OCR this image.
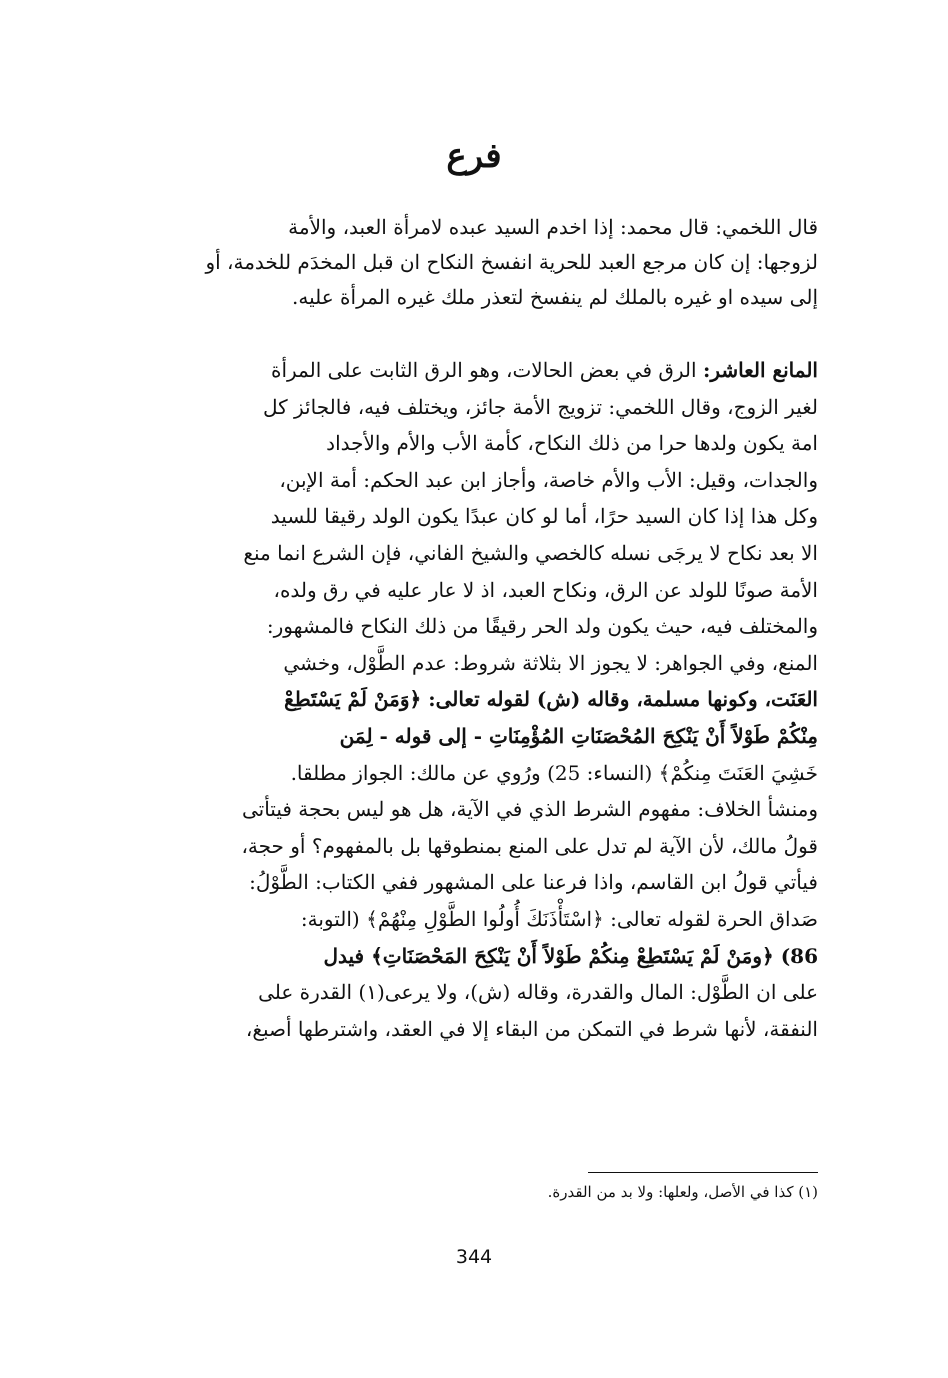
فرع
قال اللخمي: قال محمد: إذا اخدم السيد عبده لامرأة العبد، والأمة
لزوجها: إن كان مرجع العبد للحرية انفسخ النكاح ان قبل المخدَم للخدمة، أو
إلى سيده او غيره بالملك لم ينفسخ لتعذر ملك غيره المرأة عليه.
المانع العاشر: الرق في بعض الحالات، وهو الرق الثابت على المرأة
لغير الزوج، وقال اللخمي: تزويج الأمة جائز، ويختلف فيه، فالجائز كل
امة يكون ولدها حرا من ذلك النكاح، كأمة الأب والأم والأجداد
والجدات، وقيل: الأب والأم خاصة، وأجاز ابن عبد الحكم: أمة الإبن،
وكل هذا إذا كان السيد حرًا، أما لو كان عبدًا يكون الولد رقيقا للسيد
الا بعد نكاح لا يرجَى نسله كالخصي والشيخ الفاني، فإن الشرع انما منع
الأمة صونًا للولد عن الرق، ونكاح العبد، اذ لا عار عليه في رق ولده،
والمختلف فيه، حيث يكون ولد الحر رقيقًا من ذلك النكاح فالمشهور:
المنع، وفي الجواهر: لا يجوز الا بثلاثة شروط: عدم الطَّوْل، وخشي
العَنَت، وكونها مسلمة، وقاله (ش) لقوله تعالى: ﴿وَمَنْ لَمْ يَسْتَطِعْ
مِنْكُمْ طَوْلاً أَنْ يَنْكِحَ المُحْصَنَاتِ المُؤْمِنَاتِ - إلى قوله - لِمَن
خَشِيَ العَنَتَ مِنكُمْ﴾ (النساء: 25) ورُوي عن مالك: الجواز مطلقا.
ومنشأ الخلاف: مفهوم الشرط الذي في الآية، هل هو ليس بحجة فيتأتى
قولُ مالك، لأن الآية لم تدل على المنع بمنطوقها بل بالمفهوم؟ أو حجة،
فيأتي قولُ ابن القاسم، واذا فرعنا على المشهور ففي الكتاب: الطَّوْلُ:
صَداق الحرة لقوله تعالى: ﴿اسْتَأْذَنَكَ أُولُوا الطَّوْلِ مِنْهُمْ﴾ (التوبة:
86) ﴿ومَنْ لَمْ يَسْتَطِعْ مِنكُمْ طَوْلاً أَنْ يَنْكِحَ المَحْصَنَاتِ﴾ فيدل
على ان الطَّوْل: المال والقدرة، وقاله (ش)، ولا يرعى(١) القدرة على
النفقة، لأنها شرط في التمكن من البقاء إلا في العقد، واشترطها أصبغ،
(١) كذا في الأصل، ولعلها: ولا بد من القدرة.
344
